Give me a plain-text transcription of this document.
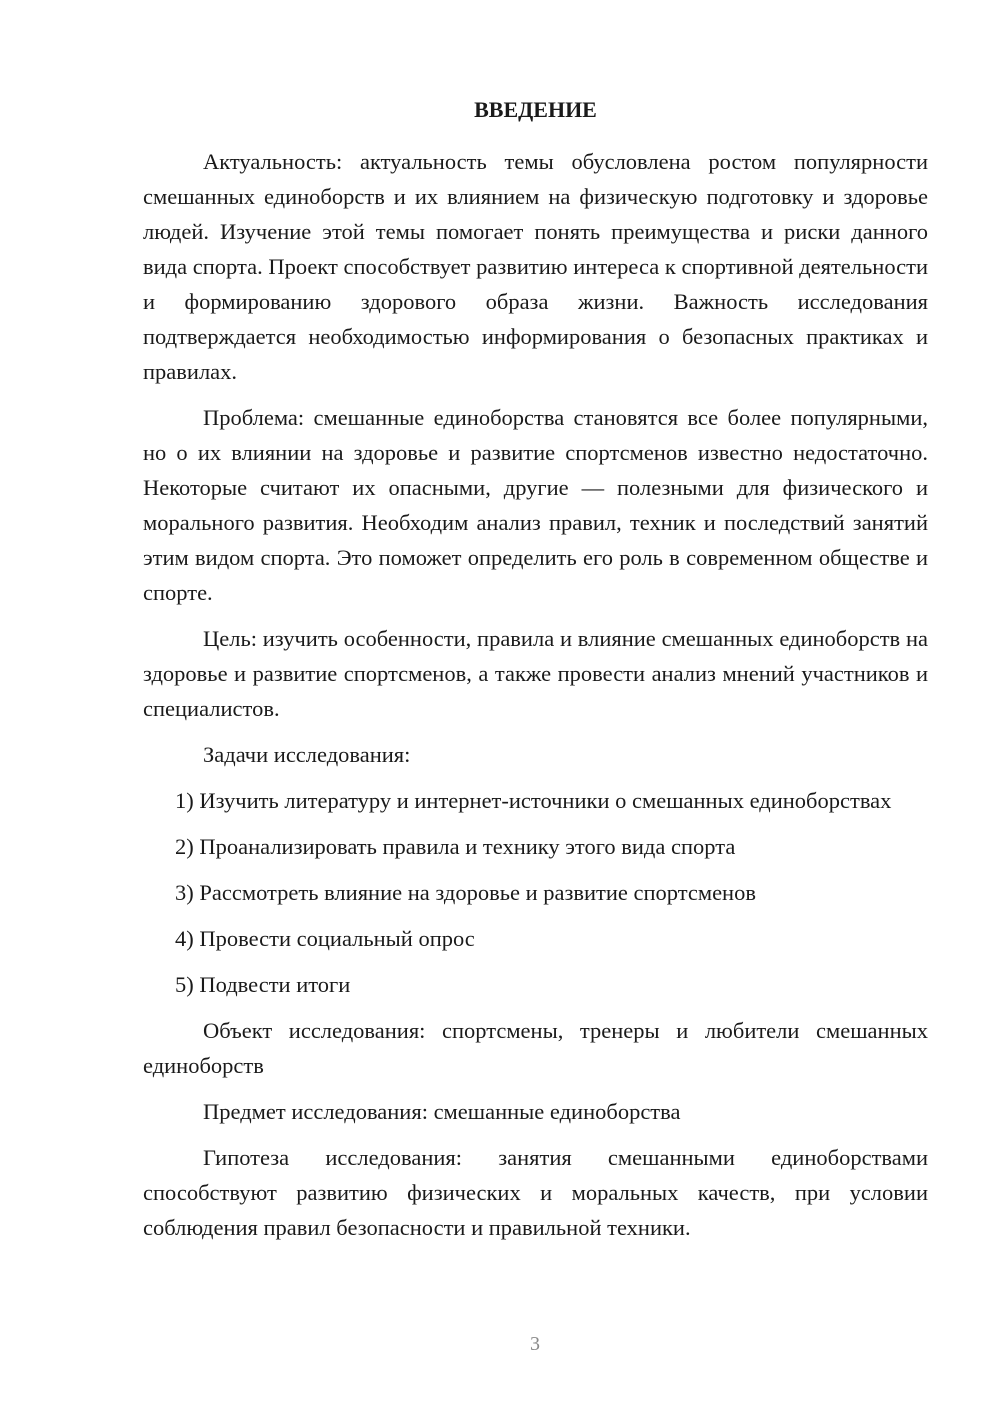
ВВЕДЕНИЕ

Актуальность: актуальность темы обусловлена ростом популярности смешанных единоборств и их влиянием на физическую подготовку и здоровье людей. Изучение этой темы помогает понять преимущества и риски данного вида спорта. Проект способствует развитию интереса к спортивной деятельности и формированию здорового образа жизни. Важность исследования подтверждается необходимостью информирования о безопасных практиках и правилах.

Проблема: смешанные единоборства становятся все более популярными, но о их влиянии на здоровье и развитие спортсменов известно недостаточно. Некоторые считают их опасными, другие — полезными для физического и морального развития. Необходим анализ правил, техник и последствий занятий этим видом спорта. Это поможет определить его роль в современном обществе и спорте.

Цель: изучить особенности, правила и влияние смешанных единоборств на здоровье и развитие спортсменов, а также провести анализ мнений участников и специалистов.

Задачи исследования:

1) Изучить литературу и интернет-источники о смешанных единоборствах

2) Проанализировать правила и технику этого вида спорта

3) Рассмотреть влияние на здоровье и развитие спортсменов

4) Провести социальный опрос

5) Подвести итоги

Объект исследования: спортсмены, тренеры и любители смешанных единоборств

Предмет исследования: смешанные единоборства

Гипотеза исследования: занятия смешанными единоборствами способствуют развитию физических и моральных качеств, при условии соблюдения правил безопасности и правильной техники.

3
